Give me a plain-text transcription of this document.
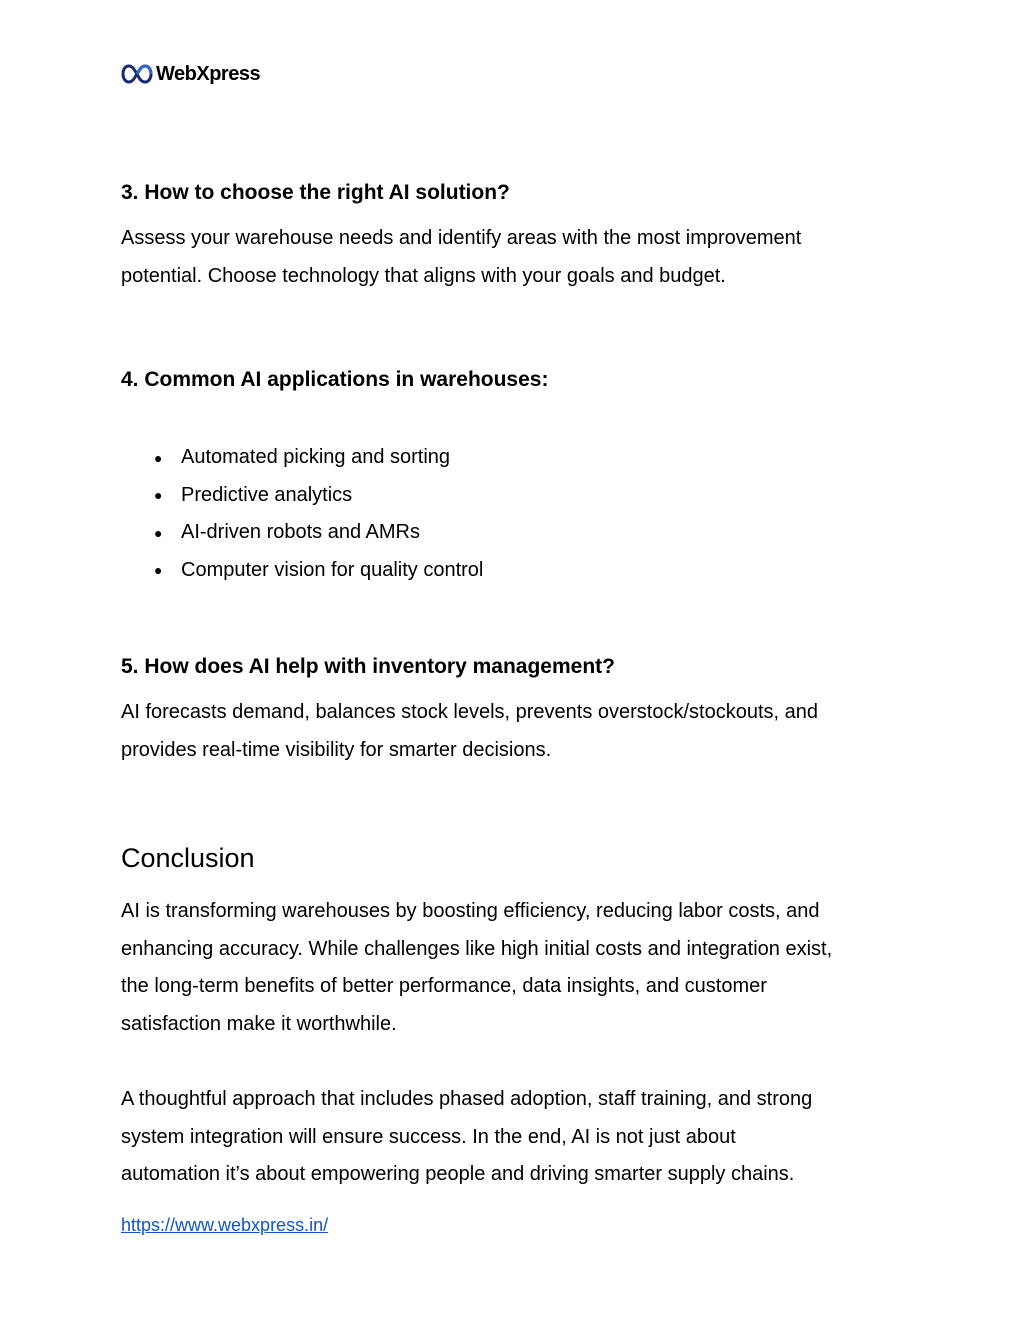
Web Xpress
3. How to choose the right AI solution?

Assess your warehouse needs and identify areas with the most improvement

potential. Choose technology that aligns with your goals and budget.

4. Common AI applications in warehouses:
● Automated picking and sorting
● Predictive analytics
● AI-driven robots and AMRs
● Computer vision for quality control
5. How does AI help with inventory management?

AI forecasts demand, balances stock levels, prevents overstock/stockouts, and

provides real-time visibility for smarter decisions.

Conclusion

AI is transforming warehouses by boosting efficiency, reducing labor costs, and

enhancing accuracy. While challenges like high initial costs and integration exist,

the long-term benefits of better performance, data insights, and customer

satisfaction make it worthwhile.

A thoughtful approach that includes phased adoption, staff training, and strong

system integration will ensure success. In the end, AI is not just about

automation it’s about empowering people and driving smarter supply chains.

https://www.webxpress.in/
